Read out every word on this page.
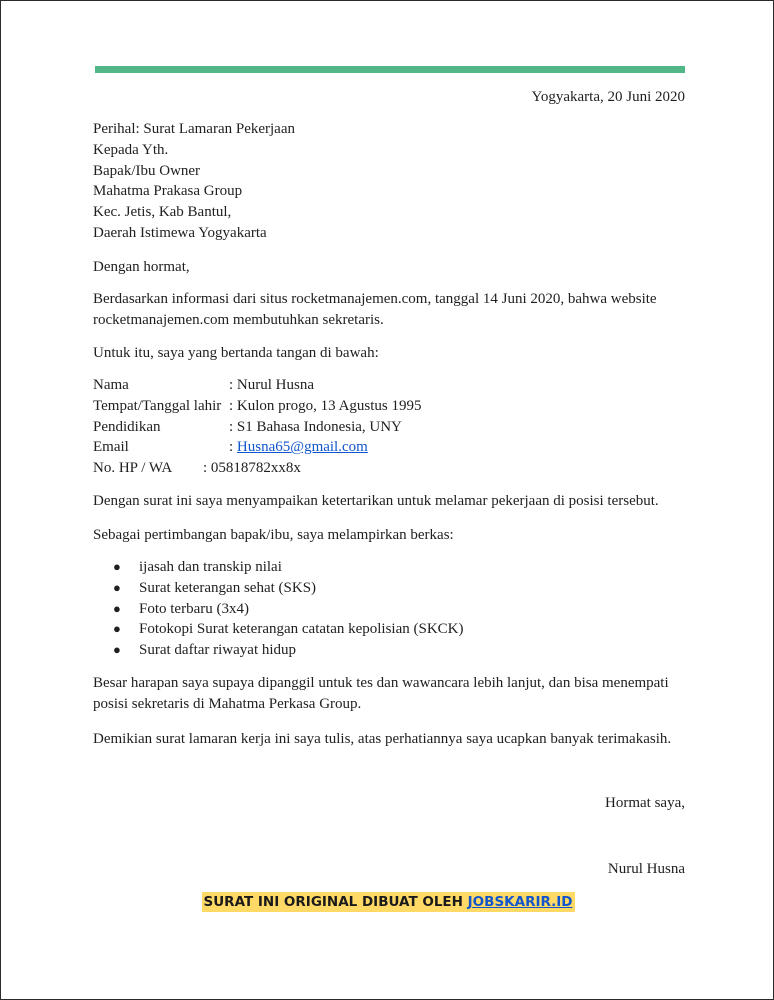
Yogyakarta, 20 Juni 2020
Perihal: Surat Lamaran Pekerjaan
Kepada Yth.
Bapak/Ibu Owner
Mahatma Prakasa Group
Kec. Jetis, Kab Bantul,
Daerah Istimewa Yogyakarta
Dengan hormat,
Berdasarkan informasi dari situs rocketmanajemen.com, tanggal 14 Juni 2020, bahwa website
rocketmanajemen.com membutuhkan sekretaris.
Untuk itu, saya yang bertanda tangan di bawah:
Nama	: Nurul Husna
Tempat/Tanggal lahir : Kulon progo, 13 Agustus 1995
Pendidikan	: S1 Bahasa Indonesia, UNY
Email	: Husna65@gmail.com
No. HP / WA	: 05818782xx8x
Dengan surat ini saya menyampaikan ketertarikan untuk melamar pekerjaan di posisi tersebut.
Sebagai pertimbangan bapak/ibu, saya melampirkan berkas:
●	ijasah dan transkip nilai
●	Surat keterangan sehat (SKS)
●	Foto terbaru (3x4)
●	Fotokopi Surat keterangan catatan kepolisian (SKCK)
●	Surat daftar riwayat hidup
Besar harapan saya supaya dipanggil untuk tes dan wawancara lebih lanjut, dan bisa menempati
posisi sekretaris di Mahatma Perkasa Group.
Demikian surat lamaran kerja ini saya tulis, atas perhatiannya saya ucapkan banyak terimakasih.
Hormat saya,
Nurul Husna
SURAT INI ORIGINAL DIBUAT OLEH JOBSKARIR.ID
